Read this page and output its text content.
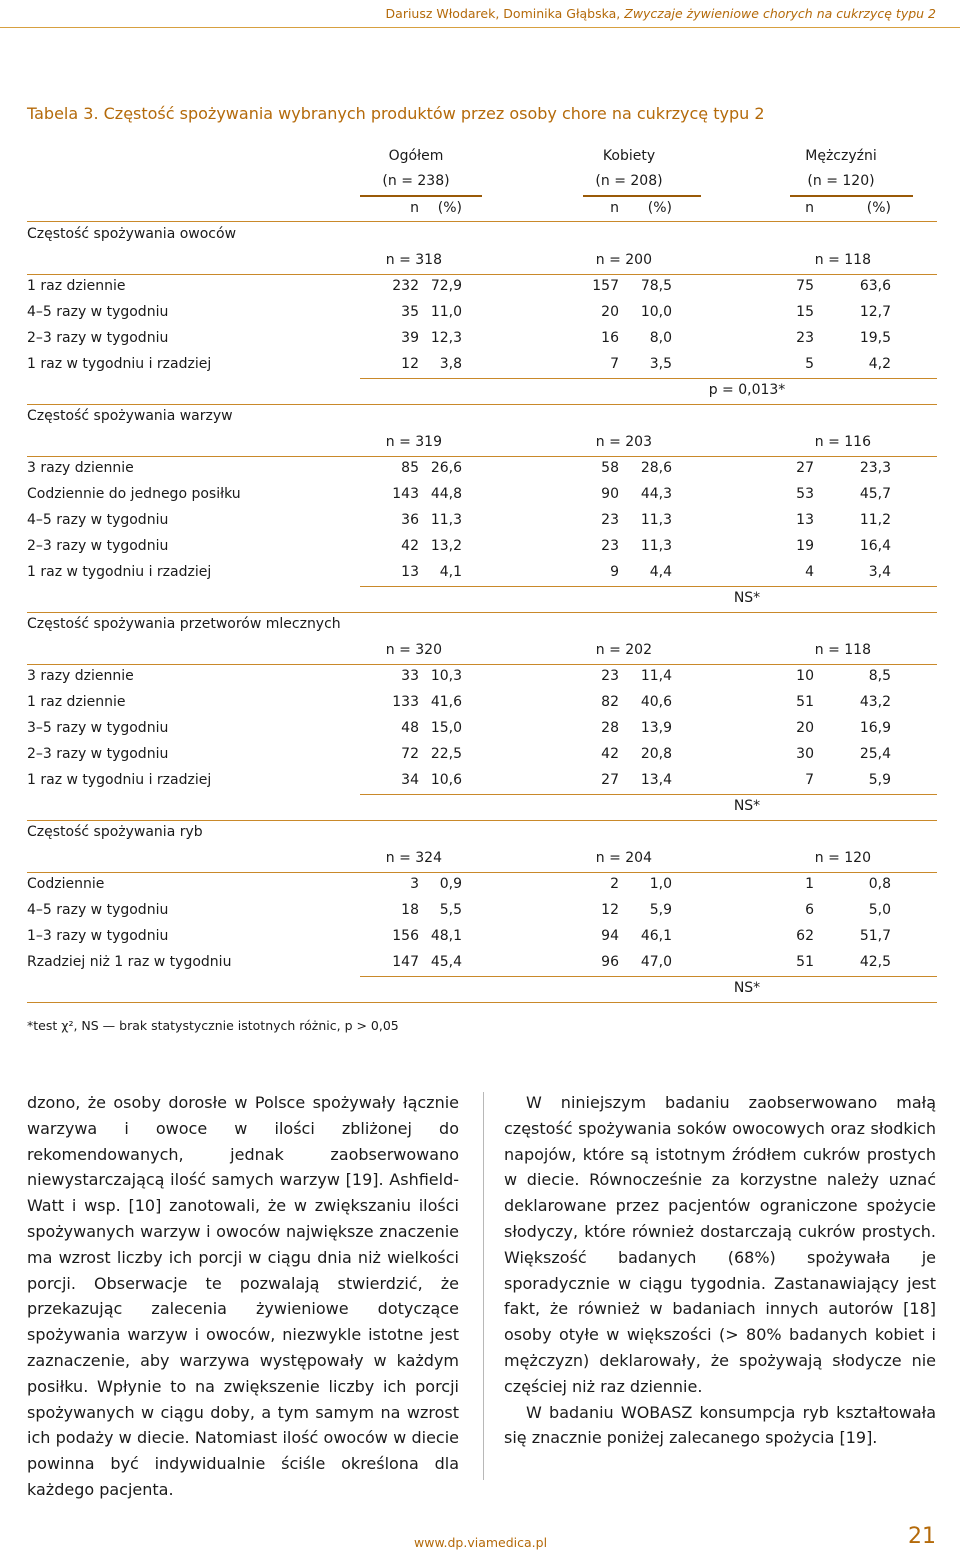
Dariusz Włodarek, Dominika Głąbska, Zwyczaje żywieniowe chorych na cukrzycę typu 2
Tabela 3. Częstość spożywania wybranych produktów przez osoby chore na cukrzycę typu 2
Ogółem
(n = 238)
n	(%)
Kobiety
(n = 208)
n	(%)
Mężczyźni
(n = 120)
n	(%)
Częstość spożywania owoców
n = 318	n = 200	n = 118
1 raz dziennie	232 72,9	157	78,5	75	63,6
4–5 razy w tygodniu	35 11,0	20	10,0	15	12,7
2–3 razy w tygodniu	39 12,3	16	8,0	23	19,5
1 raz w tygodniu i rzadziej	12	3,8	7	3,5	5	4,2
p = 0,013*
Częstość spożywania warzyw
n = 319	n = 203	n = 116
3 razy dziennie	85 26,6	58	28,6	27	23,3
Codziennie do jednego posiłku	143 44,8	90	44,3	53	45,7
4–5 razy w tygodniu	36 11,3	23	11,3	13	11,2
2–3 razy w tygodniu	42 13,2	23	11,3	19	16,4
1 raz w tygodniu i rzadziej	13	4,1	9	4,4	4	3,4
NS*
Częstość spożywania przetworów mlecznych
n = 320	n = 202	n = 118
3 razy dziennie	33 10,3	23	11,4	10	8,5
1 raz dziennie	133 41,6	82	40,6	51	43,2
3–5 razy w tygodniu	48 15,0	28	13,9	20	16,9
2–3 razy w tygodniu	72 22,5	42	20,8	30	25,4
1 raz w tygodniu i rzadziej	34 10,6	27	13,4	7	5,9
NS*
Częstość spożywania ryb
n = 324	n = 204	n = 120
Codziennie	3	0,9	2	1,0	1	0,8
4–5 razy w tygodniu	18	5,5	12	5,9	6	5,0
1–3 razy w tygodniu	156 48,1	94	46,1	62	51,7
Rzadziej niż 1 raz w tygodniu	147 45,4	96	47,0	51	42,5
NS*
*test χ², NS — brak statystycznie istotnych różnic, p > 0,05

dzono, że osoby dorosłe w Polsce spożywały łącznie warzywa i owoce w ilości zbliżonej do rekomendowanych, jednak zaobserwowano niewystarczającą ilość samych warzyw [19]. Ashfield-Watt i wsp. [10] zanotowali, że w zwiększaniu ilości spożywanych warzyw i owoców największe znaczenie ma wzrost liczby ich porcji w ciągu dnia niż wielkości porcji. Obserwacje te pozwalają stwierdzić, że przekazując zalecenia żywieniowe dotyczące spożywania warzyw i owoców, niezwykle istotne jest zaznaczenie, aby warzywa występowały w każdym posiłku. Wpłynie to na zwiększenie liczby ich porcji spożywanych w ciągu doby, a tym samym na wzrost ich podaży w diecie. Natomiast ilość owoców w diecie powinna być indywidualnie ściśle określona dla każdego pacjenta.

W niniejszym badaniu zaobserwowano małą częstość spożywania soków owocowych oraz słodkich napojów, które są istotnym źródłem cukrów prostych w diecie. Równocześnie za korzystne należy uznać deklarowane przez pacjentów ograniczone spożycie słodyczy, które również dostarczają cukrów prostych. Większość badanych (68%) spożywała je sporadycznie w ciągu tygodnia. Zastanawiający jest fakt, że również w badaniach innych autorów [18] osoby otyłe w większości (> 80% badanych kobiet i mężczyzn) deklarowały, że spożywają słodycze nie częściej niż raz dziennie.

W badaniu WOBASZ konsumpcja ryb kształtowała się znacznie poniżej zalecanego spożycia [19].

www.dp.viamedica.pl	21
